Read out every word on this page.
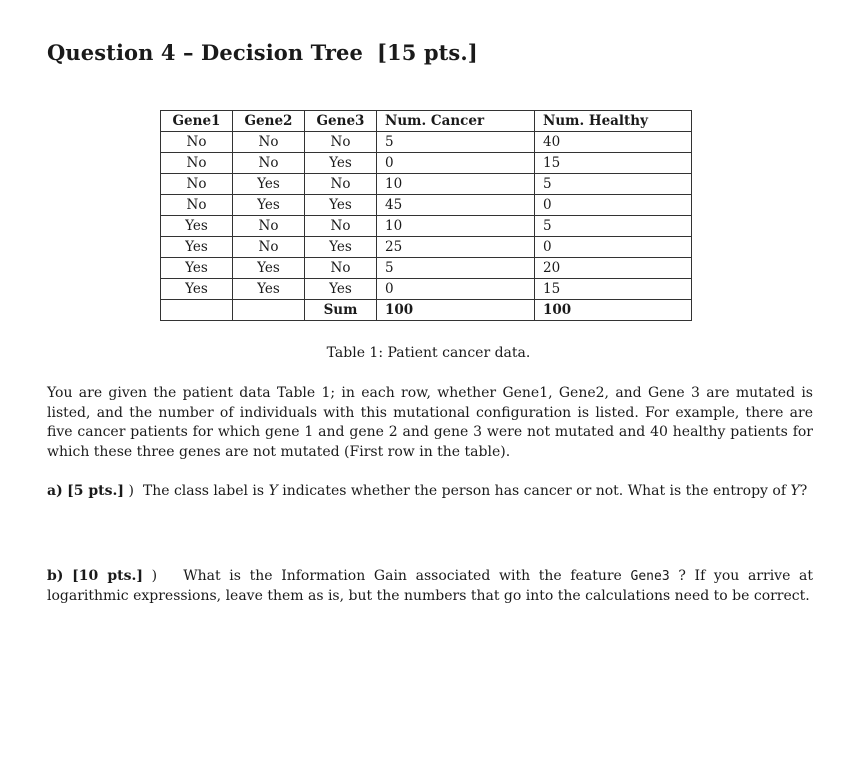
Question 4 – Decision Tree [15 pts.]
Gene1	Gene2	Gene3	Num. Cancer	Num. Healthy
No	No	No	5	40
No	No	Yes	0	15
No	Yes	No	10	5
No	Yes	Yes	45	0
Yes	No	No	10	5
Yes	No	Yes	25	0
Yes	Yes	No	5	20
Yes	Yes	Yes	0	15
		Sum	100	100
Table 1: Patient cancer data.
You are given the patient data Table 1; in each row, whether Gene1, Gene2, and Gene 3 are mutated is listed, and the number of individuals with this mutational configuration is listed. For example, there are five cancer patients for which gene 1 and gene 2 and gene 3 were not mutated and 40 healthy patients for which these three genes are not mutated (First row in the table).
a) [5 pts.] ) The class label is Y indicates whether the person has cancer or not. What is the entropy of Y?
b) [10 pts.] ) What is the Information Gain associated with the feature Gene3 ? If you arrive at logarithmic expressions, leave them as is, but the numbers that go into the calculations need to be correct.
